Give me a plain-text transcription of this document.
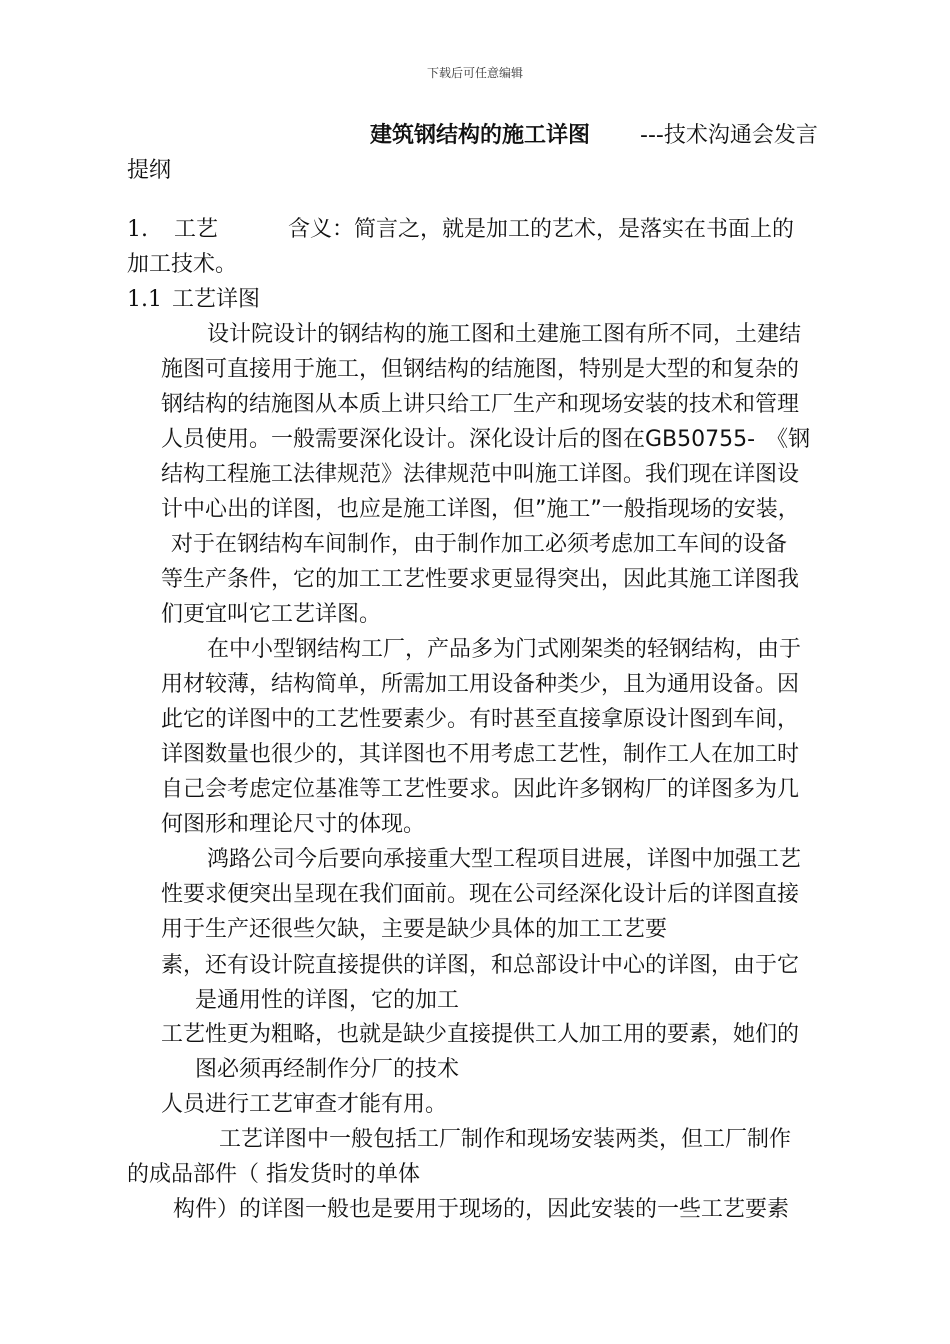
下载后可任意编辑
建筑钢结构的施工详图 ---技术沟通会发言
提纲
1. 工艺	含义：简言之，就是加工的艺术，是落实在书面上的
加工技术。
1.1 工艺详图
设计院设计的钢结构的施工图和土建施工图有所不同，土建结
施图可直接用于施工，但钢结构的结施图，特别是大型的和复杂的
钢结构的结施图从本质上讲只给工厂生产和现场安装的技术和管理
人员使用。一般需要深化设计。深化设计后的图在GB50755-　《钢
结构工程施工法律规范》法律规范中叫施工详图。我们现在详图设
计中心出的详图，也应是施工详图，但”施工”一般指现场的安装，
对于在钢结构车间制作，由于制作加工必须考虑加工车间的设备
等生产条件，它的加工工艺性要求更显得突出，因此其施工详图我
们更宜叫它工艺详图。
在中小型钢结构工厂，产品多为门式刚架类的轻钢结构，由于
用材较薄，结构简单，所需加工用设备种类少，且为通用设备。因
此它的详图中的工艺性要素少。有时甚至直接拿原设计图到车间，
详图数量也很少的，其详图也不用考虑工艺性，制作工人在加工时
自己会考虑定位基准等工艺性要求。因此许多钢构厂的详图多为几
何图形和理论尺寸的体现。
鸿路公司今后要向承接重大型工程项目进展，详图中加强工艺
性要求便突出呈现在我们面前。现在公司经深化设计后的详图直接
用于生产还很些欠缺，主要是缺少具体的加工工艺要
素，还有设计院直接提供的详图，和总部设计中心的详图，由于它
是通用性的详图，它的加工
工艺性更为粗略，也就是缺少直接提供工人加工用的要素，她们的
图必须再经制作分厂的技术
人员进行工艺审查才能有用。
工艺详图中一般包括工厂制作和现场安装两类，但工厂制作
的成品部件（ 指发货时的单体
构件）的详图一般也是要用于现场的，因此安装的一些工艺要素
